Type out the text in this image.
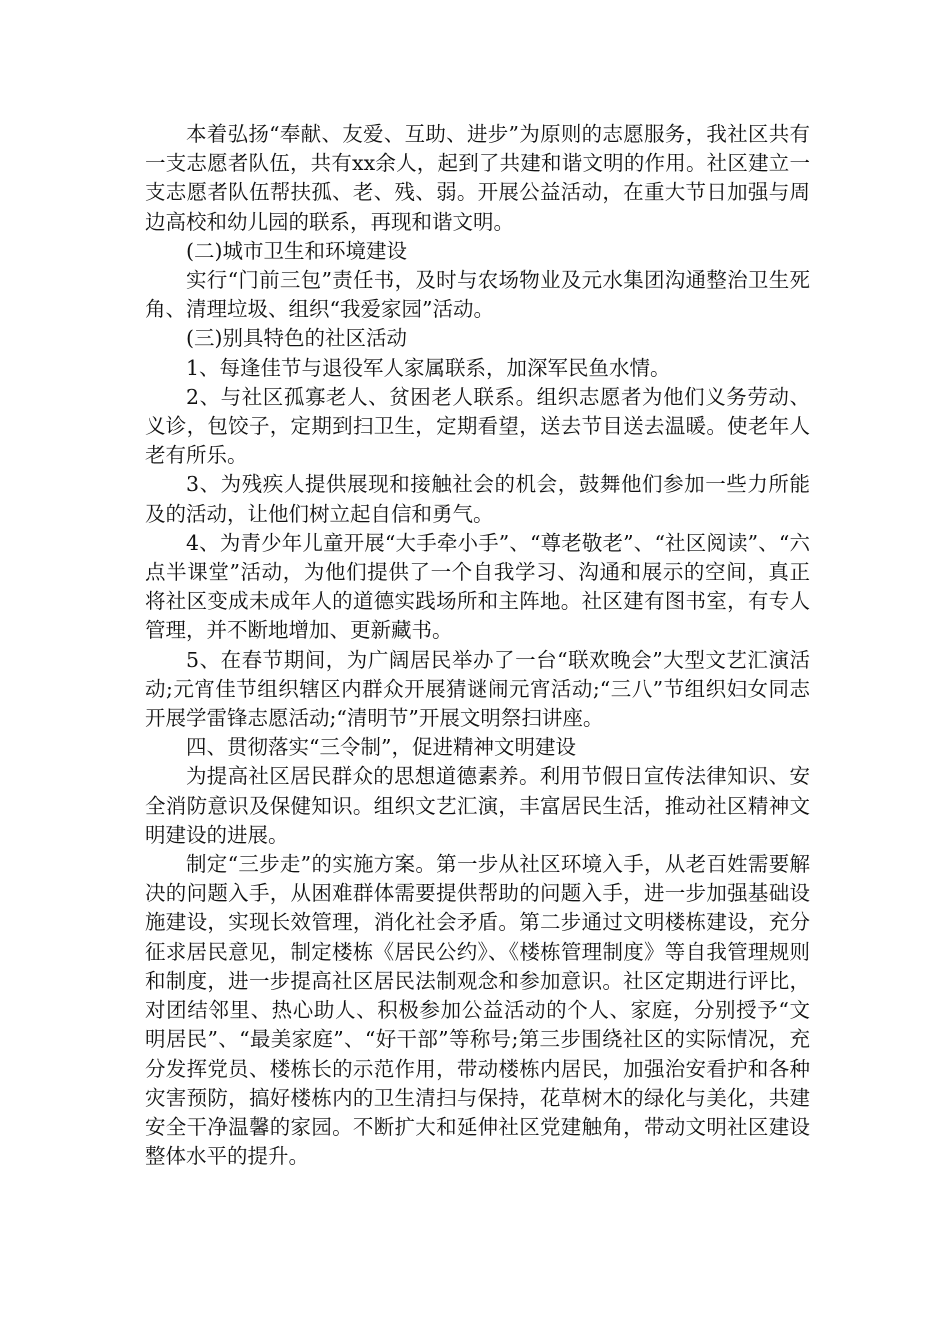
本着弘扬“奉献、友爱、互助、进步”为原则的志愿服务，我社区共有一支志愿者队伍，共有xx余人，起到了共建和谐文明的作用。社区建立一支志愿者队伍帮扶孤、老、残、弱。开展公益活动，在重大节日加强与周边高校和幼儿园的联系，再现和谐文明。

(二)城市卫生和环境建设

实行“门前三包”责任书，及时与农场物业及元水集团沟通整治卫生死角、清理垃圾、组织“我爱家园”活动。

(三)别具特色的社区活动

1、每逢佳节与退役军人家属联系，加深军民鱼水情。

2、与社区孤寡老人、贫困老人联系。组织志愿者为他们义务劳动、义诊，包饺子，定期到扫卫生，定期看望，送去节目送去温暖。使老年人老有所乐。

3、为残疾人提供展现和接触社会的机会，鼓舞他们参加一些力所能及的活动，让他们树立起自信和勇气。

4、为青少年儿童开展“大手牵小手”、“尊老敬老”、“社区阅读”、“六点半课堂”活动，为他们提供了一个自我学习、沟通和展示的空间，真正将社区变成未成年人的道德实践场所和主阵地。社区建有图书室，有专人管理，并不断地增加、更新藏书。

5、在春节期间，为广阔居民举办了一台“联欢晚会”大型文艺汇演活动;元宵佳节组织辖区内群众开展猜谜闹元宵活动;“三八”节组织妇女同志开展学雷锋志愿活动;“清明节”开展文明祭扫讲座。

四、贯彻落实“三令制”，促进精神文明建设

为提高社区居民群众的思想道德素养。利用节假日宣传法律知识、安全消防意识及保健知识。组织文艺汇演，丰富居民生活，推动社区精神文明建设的进展。

制定“三步走”的实施方案。第一步从社区环境入手，从老百姓需要解决的问题入手，从困难群体需要提供帮助的问题入手，进一步加强基础设施建设，实现长效管理，消化社会矛盾。第二步通过文明楼栋建设，充分征求居民意见，制定楼栋《居民公约》、《楼栋管理制度》等自我管理规则和制度，进一步提高社区居民法制观念和参加意识。社区定期进行评比，对团结邻里、热心助人、积极参加公益活动的个人、家庭，分别授予“文明居民”、“最美家庭”、“好干部”等称号;第三步围绕社区的实际情况，充分发挥党员、楼栋长的示范作用，带动楼栋内居民，加强治安看护和各种灾害预防，搞好楼栋内的卫生清扫与保持，花草树木的绿化与美化，共建安全干净温馨的家园。不断扩大和延伸社区党建触角，带动文明社区建设整体水平的提升。
